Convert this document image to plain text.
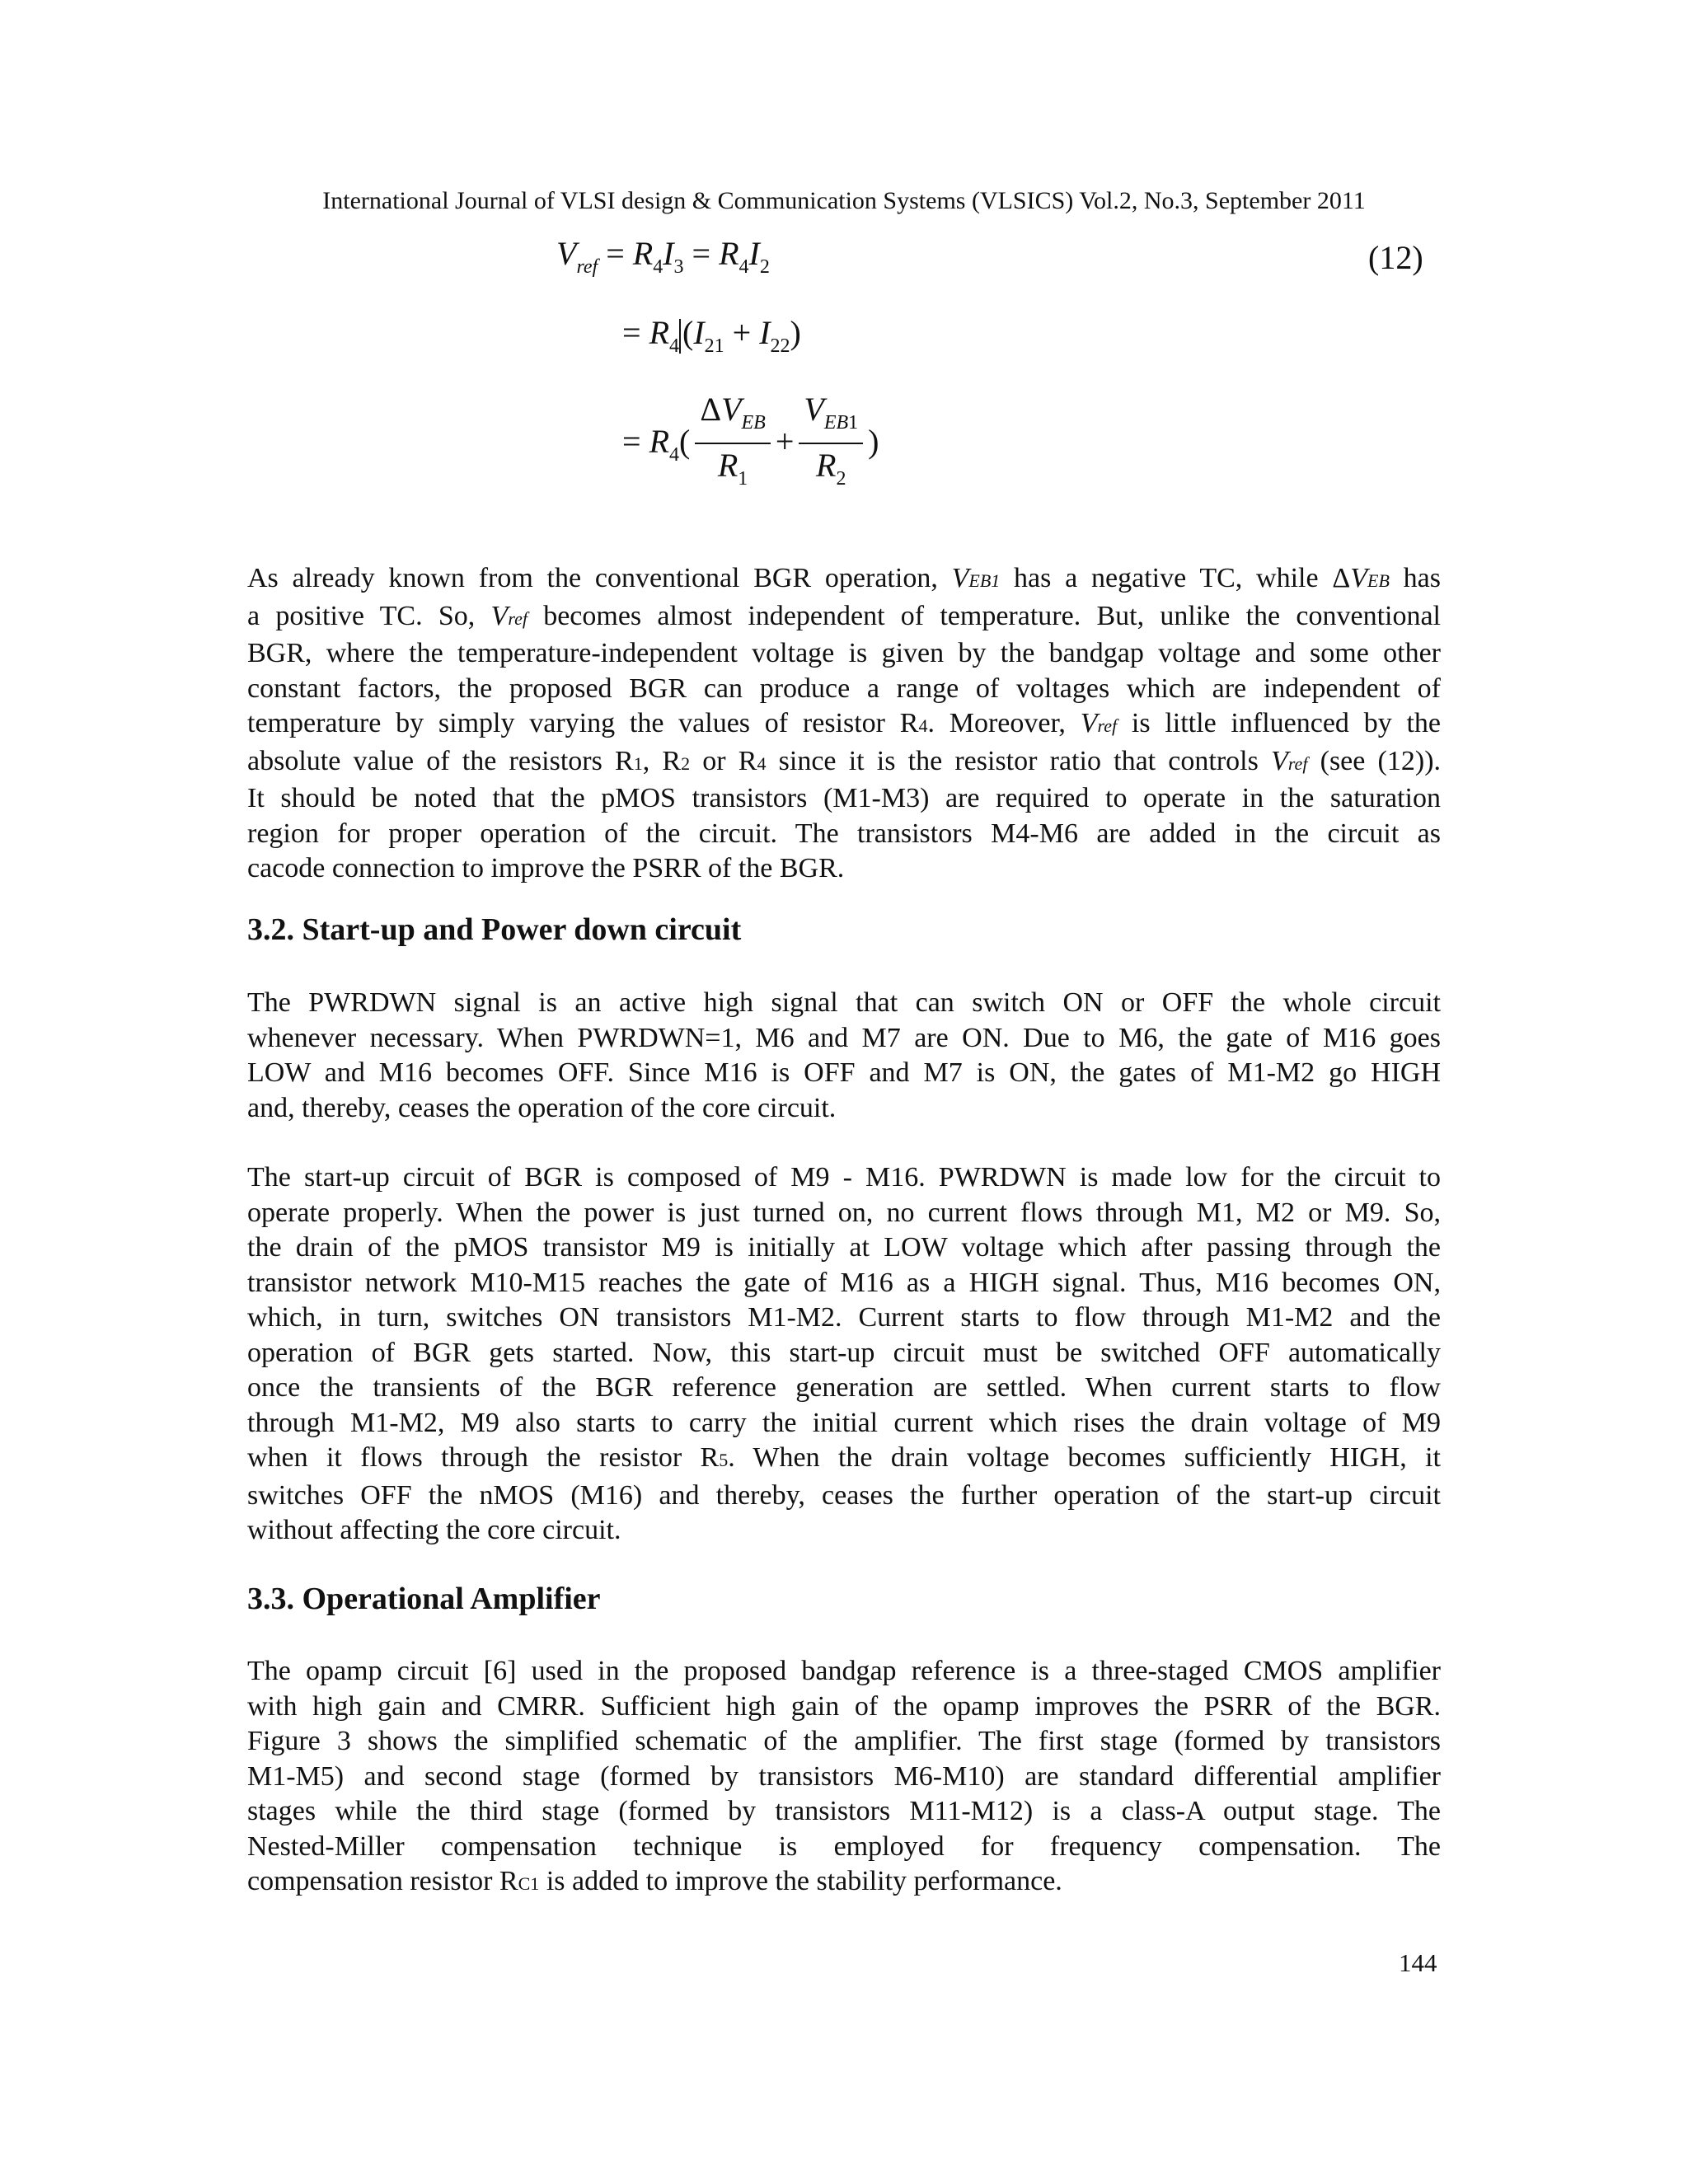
International Journal of VLSI design & Communication Systems (VLSICS) Vol.2, No.3, September 2011
$V_{ref} = R_4I_3 = R_4I_2$
= $R_4$ $(I_{21} + I_{22})$
= $R_4( \frac{\Delta V_{EB}}{R_1} + \frac{V_{EB1}}{R_2}$ )
(12)

As already known from the conventional BGR operation, VEB1 has a negative TC, while ΔVEB has
a positive TC. So, Vref becomes almost independent of temperature. But, unlike the conventional
BGR, where the temperature-independent voltage is given by the bandgap voltage and some other
constant factors, the proposed BGR can produce a range of voltages which are independent of
temperature by simply varying the values of resistor R4. Moreover, Vref is little influenced by the
absolute value of the resistors R1, R2 or R4 since it is the resistor ratio that controls Vref (see (12)).
It should be noted that the pMOS transistors (M1-M3) are required to operate in the saturation
region for proper operation of the circuit. The transistors M4-M6 are added in the circuit as
cacode connection to improve the PSRR of the BGR.

3.2. Start-up and Power down circuit

The PWRDWN signal is an active high signal that can switch ON or OFF the whole circuit
whenever necessary. When PWRDWN=1, M6 and M7 are ON. Due to M6, the gate of M16 goes
LOW and M16 becomes OFF. Since M16 is OFF and M7 is ON, the gates of M1-M2 go HIGH
and, thereby, ceases the operation of the core circuit.

The start-up circuit of BGR is composed of M9 - M16. PWRDWN is made low for the circuit to
operate properly. When the power is just turned on, no current flows through M1, M2 or M9. So,
the drain of the pMOS transistor M9 is initially at LOW voltage which after passing through the
transistor network M10-M15 reaches the gate of M16 as a HIGH signal. Thus, M16 becomes ON,
which, in turn, switches ON transistors M1-M2. Current starts to flow through M1-M2 and the
operation of BGR gets started. Now, this start-up circuit must be switched OFF automatically
once the transients of the BGR reference generation are settled. When current starts to flow
through M1-M2, M9 also starts to carry the initial current which rises the drain voltage of M9
when it flows through the resistor R5. When the drain voltage becomes sufficiently HIGH, it
switches OFF the nMOS (M16) and thereby, ceases the further operation of the start-up circuit
without affecting the core circuit.

3.3. Operational Amplifier

The opamp circuit [6] used in the proposed bandgap reference is a three-staged CMOS amplifier
with high gain and CMRR. Sufficient high gain of the opamp improves the PSRR of the BGR.
Figure 3 shows the simplified schematic of the amplifier. The first stage (formed by transistors
M1-M5) and second stage (formed by transistors M6-M10) are standard differential amplifier
stages while the third stage (formed by transistors M11-M12) is a class-A output stage. The
Nested-Miller compensation technique is employed for frequency compensation. The
compensation resistor RC1 is added to improve the stability performance.

144
